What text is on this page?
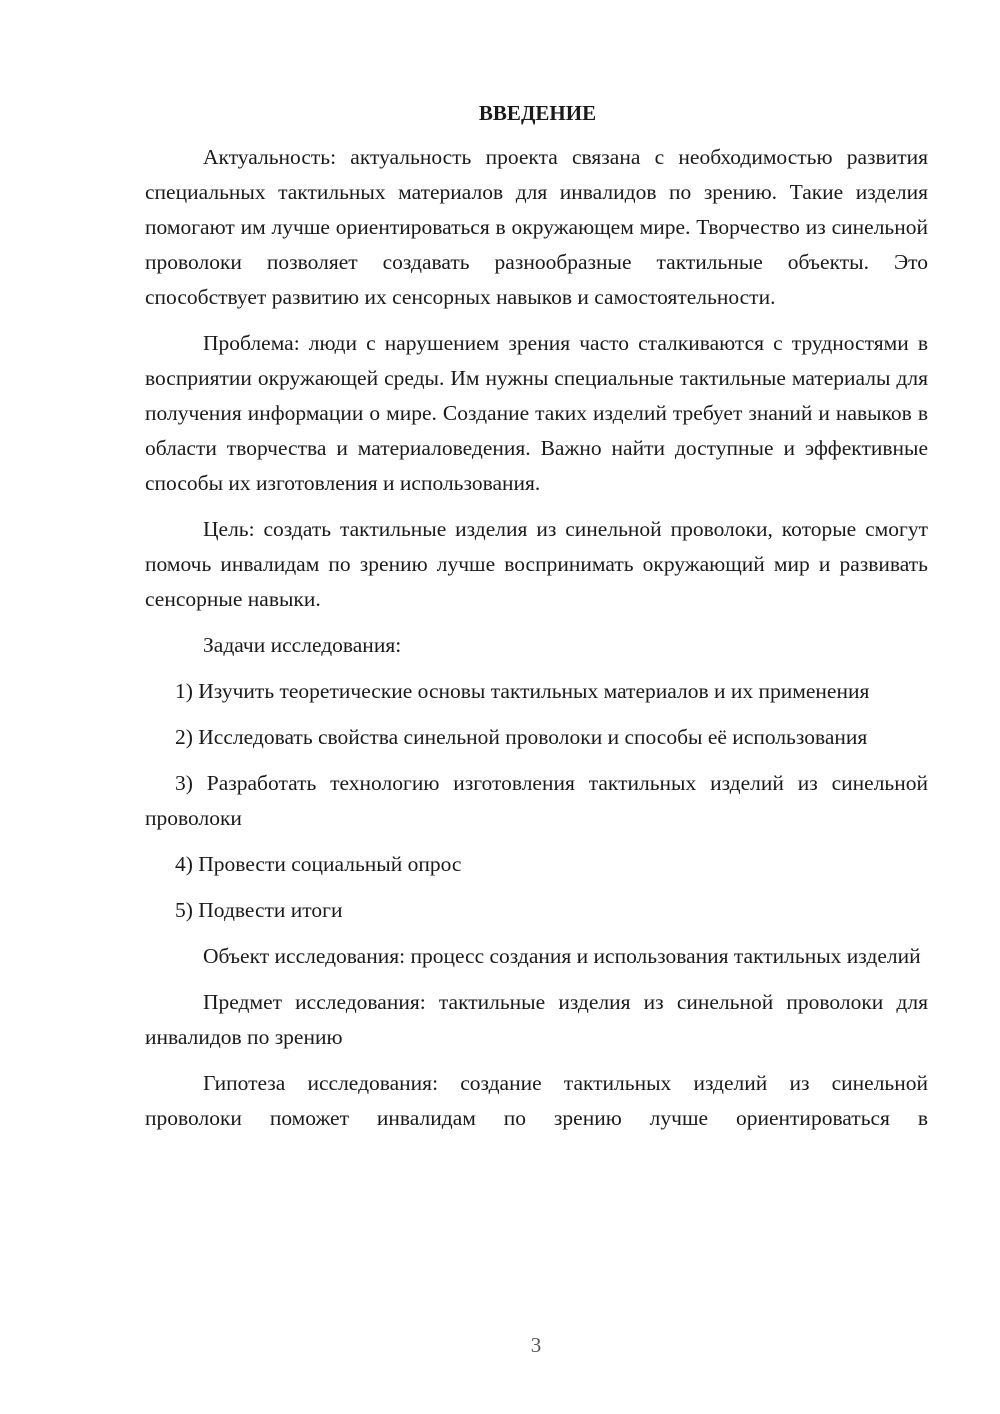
ВВЕДЕНИЕ

Актуальность: актуальность проекта связана с необходимостью развития специальных тактильных материалов для инвалидов по зрению. Такие изделия помогают им лучше ориентироваться в окружающем мире. Творчество из синельной проволоки позволяет создавать разнообразные тактильные объекты. Это способствует развитию их сенсорных навыков и самостоятельности.

Проблема: люди с нарушением зрения часто сталкиваются с трудностями в восприятии окружающей среды. Им нужны специальные тактильные материалы для получения информации о мире. Создание таких изделий требует знаний и навыков в области творчества и материаловедения. Важно найти доступные и эффективные способы их изготовления и использования.

Цель: создать тактильные изделия из синельной проволоки, которые смогут помочь инвалидам по зрению лучше воспринимать окружающий мир и развивать сенсорные навыки.

Задачи исследования:

1) Изучить теоретические основы тактильных материалов и их применения

2) Исследовать свойства синельной проволоки и способы её использования

3) Разработать технологию изготовления тактильных изделий из синельной проволоки

4) Провести социальный опрос

5) Подвести итоги

Объект исследования: процесс создания и использования тактильных изделий

Предмет исследования: тактильные изделия из синельной проволоки для инвалидов по зрению

Гипотеза исследования: создание тактильных изделий из синельной проволоки поможет инвалидам по зрению лучше ориентироваться в

3
